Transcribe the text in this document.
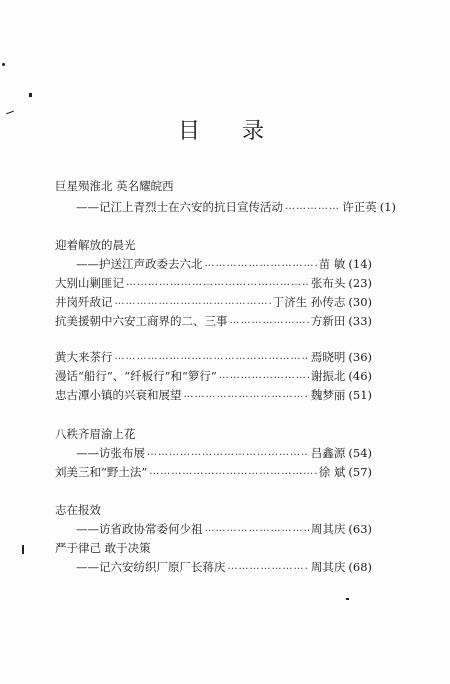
目 录
巨星殒淮北 英名耀皖西
——记江上青烈士在六安的抗日宣传活动 ………………………………………………………………………………………………………………………………	许正英 (1)
迎着解放的晨光
——护送江声政委去六北 ………………………………………………………………………………………………………………………………	苗 敏 (14)
大别山剿匪记 ………………………………………………………………………………………………………………………………	张布头 (23)
井岗歼敌记 ………………………………………………………………………………………………………………………………	丁济生 孙传志 (30)
抗美援朝中六安工商界的二、三事 ………………………………………………………………………………………………………………………………	方新田 (33)
黄大来茶行 ………………………………………………………………………………………………………………………………	焉晓明 (36)
漫话“船行”、“纤板行”和“箩行” ………………………………………………………………………………………………………………………………	谢振北 (46)
忠古潭小镇的兴衰和展望 ………………………………………………………………………………………………………………………………	魏梦丽 (51)
八秩齐眉渝上花
——访张布展 ………………………………………………………………………………………………………………………………	吕鑫源 (54)
刘美三和“野土法” ………………………………………………………………………………………………………………………………	徐 斌 (57)
志在报效
——访省政协常委何少祖 ………………………………………………………………………………………………………………………………	周其庆 (63)
严于律己 敢于决策
——记六安纺织厂原厂长蒋庆 ………………………………………………………………………………………………………………………………	周其庆 (68)
